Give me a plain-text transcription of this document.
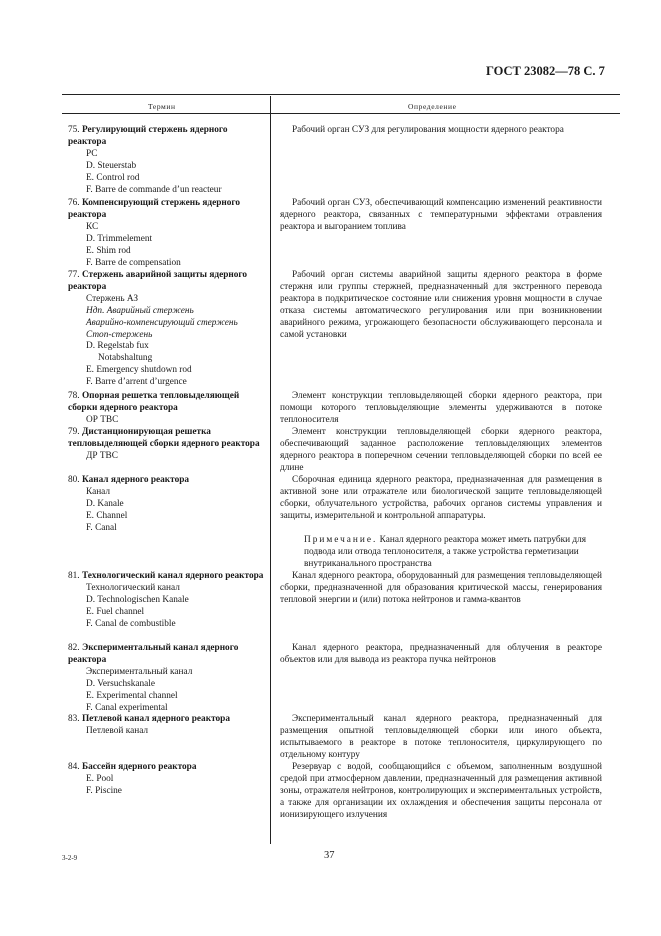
ГОСТ 23082—78 С. 7
Термин	Определение
75. Регулирующий стержень ядерного реактора
РС
D. Steuerstab
E. Control rod
F. Barre de commande d’un reacteur
Рабочий орган СУЗ для регулирования мощности ядерного реактора
76. Компенсирующий стержень ядерного реактора
КС
D. Trimmelement
E. Shim rod
F. Barre de compensation
Рабочий орган СУЗ, обеспечивающий компенсацию изменений реактивности ядерного реактора, связанных с температурными эффектами отравления реактора и выгоранием топлива
77. Стержень аварийной защиты ядерного реактора
Стержень АЗ
Ндп. Аварийный стержень
Аварийно-компенсирующий стержень
Стоп-стержень
D. Regelstab fux
Notabshaltung
E. Emergency shutdown rod
F. Barre d’arrent d’urgence
Рабочий орган системы аварийной защиты ядерного реактора в форме стержня или группы стержней, предназначенный для экстренного перевода реактора в подкритическое состояние или снижения уровня мощности в случае отказа системы автоматического регулирования или при возникновении аварийного режима, угрожающего безопасности обслуживающего персонала и самой установки
78. Опорная решетка тепловыделяющей сборки ядерного реактора
ОР ТВС
Элемент конструкции тепловыделяющей сборки ядерного реактора, при помощи которого тепловыделяющие элементы удерживаются в потоке теплоносителя
79. Дистанционирующая решетка тепловыделяющей сборки ядерного реактора
ДР ТВС
Элемент конструкции тепловыделяющей сборки ядерного реактора, обеспечивающий заданное расположение тепловыделяющих элементов ядерного реактора в поперечном сечении тепловыделяющей сборки по всей ее длине
80. Канал ядерного реактора
Канал
D. Kanale
E. Channel
F. Canal
Сборочная единица ядерного реактора, предназначенная для размещения в активной зоне или отражателе или биологической защите тепловыделяющей сборки, облучательного устройства, рабочих органов системы управления и защиты, измерительной и контрольной аппаратуры.
Примечание. Канал ядерного реактора может иметь патрубки для подвода или отвода теплоносителя, а также устройства герметизации внутриканального пространства
81. Технологический канал ядерного реактора
Технологический канал
D. Technologischen Kanale
E. Fuel channel
F. Canal de combustible
Канал ядерного реактора, оборудованный для размещения тепловыделяющей сборки, предназначенной для образования критической массы, генерирования тепловой энергии и (или) потока нейтронов и гамма-квантов
82. Экспериментальный канал ядерного реактора
Экспериментальный канал
D. Versuchskanale
E. Experimental channel
F. Canal experimental
Канал ядерного реактора, предназначенный для облучения в реакторе объектов или для вывода из реактора пучка нейтронов
83. Петлевой канал ядерного реактора
Петлевой канал
Экспериментальный канал ядерного реактора, предназначенный для размещения опытной тепловыделяющей сборки или иного объекта, испытываемого в реакторе в потоке теплоносителя, циркулирующего по отдельному контуру
84. Бассейн ядерного реактора
E. Pool
F. Piscine
Резервуар с водой, сообщающийся с объемом, заполненным воздушной средой при атмосферном давлении, предназначенный для размещения активной зоны, отражателя нейтронов, контролирующих и экспериментальных устройств, а также для организации их охлаждения и обеспечения защиты персонала от ионизирующего излучения
3-2-9	37
